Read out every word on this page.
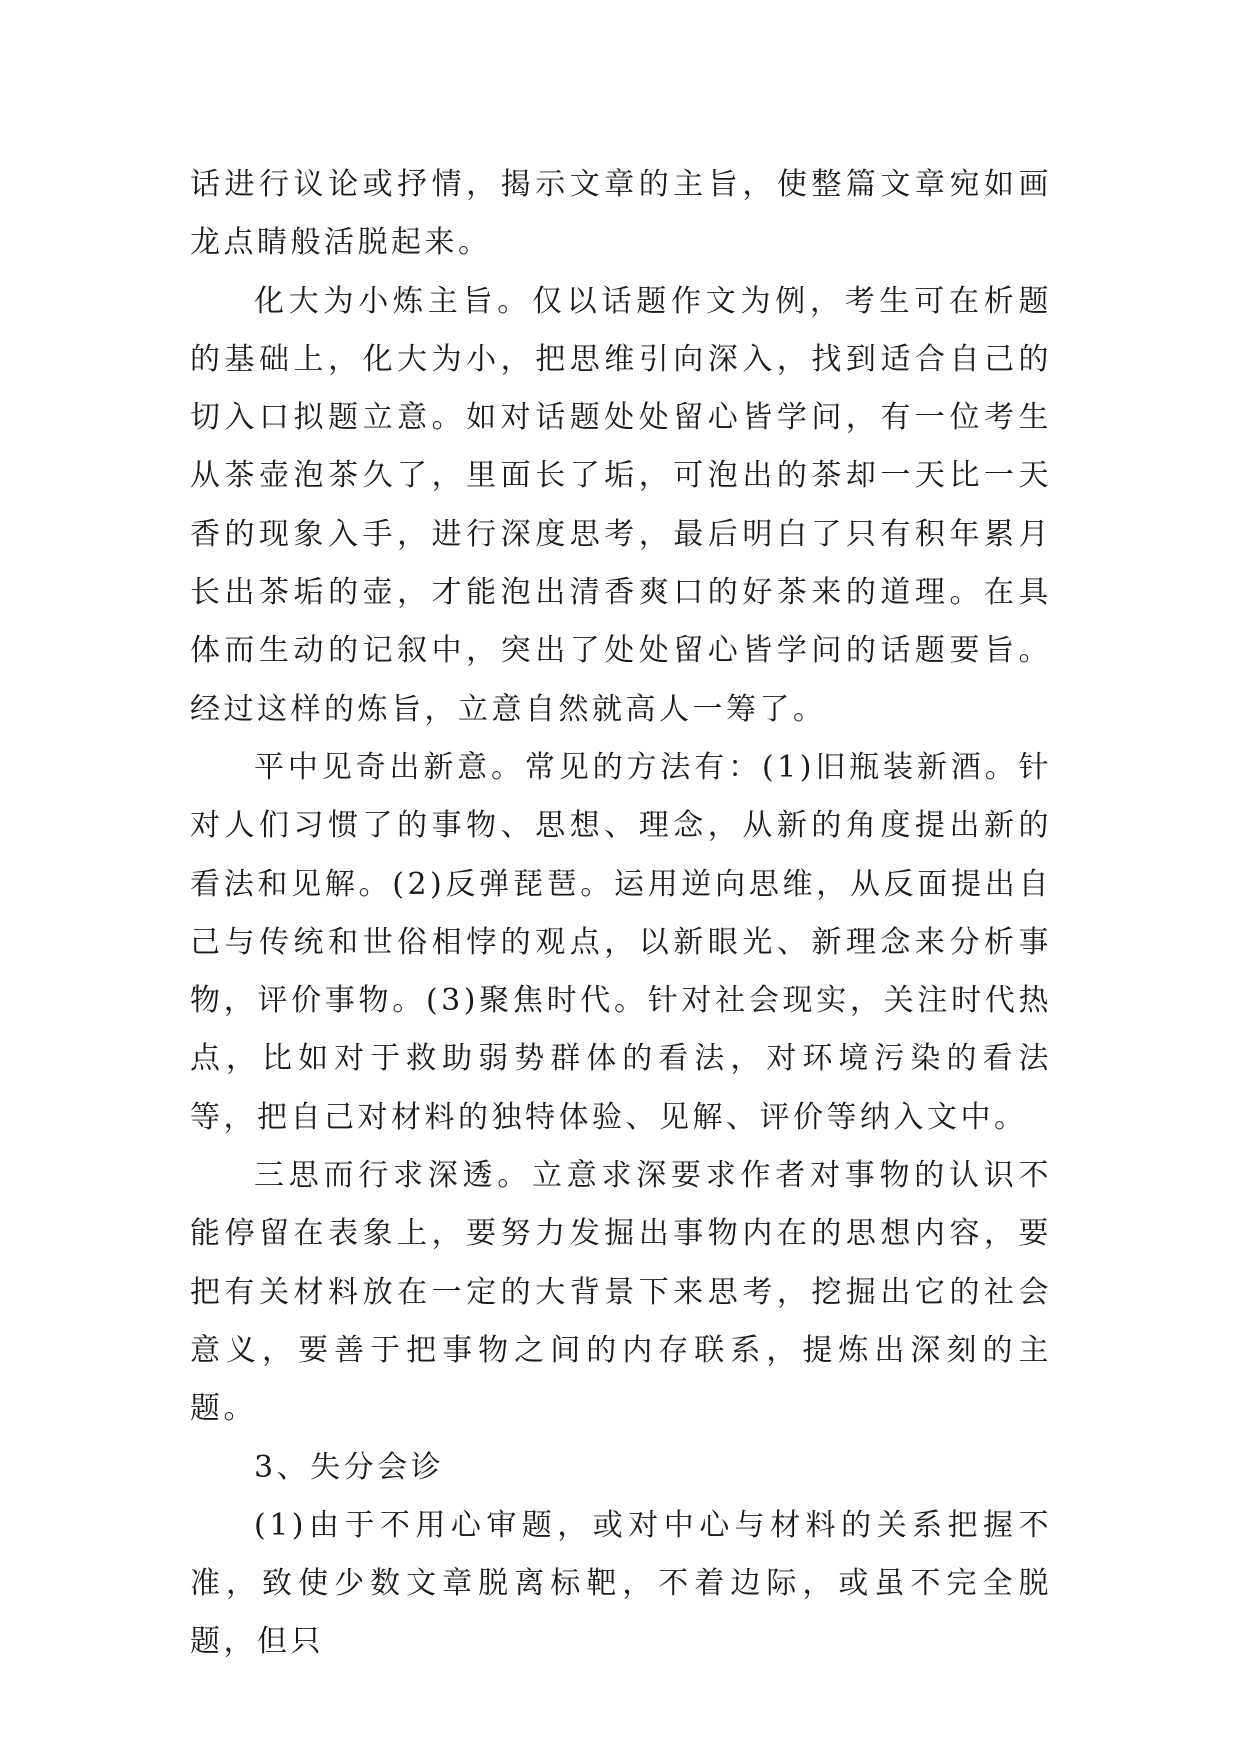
话进行议论或抒情，揭示文章的主旨，使整篇文章宛如画龙点睛般活脱起来。

化大为小炼主旨。仅以话题作文为例，考生可在析题的基础上，化大为小，把思维引向深入，找到适合自己的切入口拟题立意。如对话题处处留心皆学问，有一位考生从茶壶泡茶久了，里面长了垢，可泡出的茶却一天比一天香的现象入手，进行深度思考，最后明白了只有积年累月长出茶垢的壶，才能泡出清香爽口的好茶来的道理。在具体而生动的记叙中，突出了处处留心皆学问的话题要旨。经过这样的炼旨，立意自然就高人一筹了。

平中见奇出新意。常见的方法有：(1)旧瓶装新酒。针对人们习惯了的事物、思想、理念，从新的角度提出新的看法和见解。(2)反弹琵琶。运用逆向思维，从反面提出自己与传统和世俗相悖的观点，以新眼光、新理念来分析事物，评价事物。(3)聚焦时代。针对社会现实，关注时代热点，比如对于救助弱势群体的看法，对环境污染的看法等，把自己对材料的独特体验、见解、评价等纳入文中。

三思而行求深透。立意求深要求作者对事物的认识不能停留在表象上，要努力发掘出事物内在的思想内容，要把有关材料放在一定的大背景下来思考，挖掘出它的社会意义，要善于把事物之间的内存联系，提炼出深刻的主题。

3、失分会诊

(1)由于不用心审题，或对中心与材料的关系把握不准，致使少数文章脱离标靶，不着边际，或虽不完全脱题，但只
